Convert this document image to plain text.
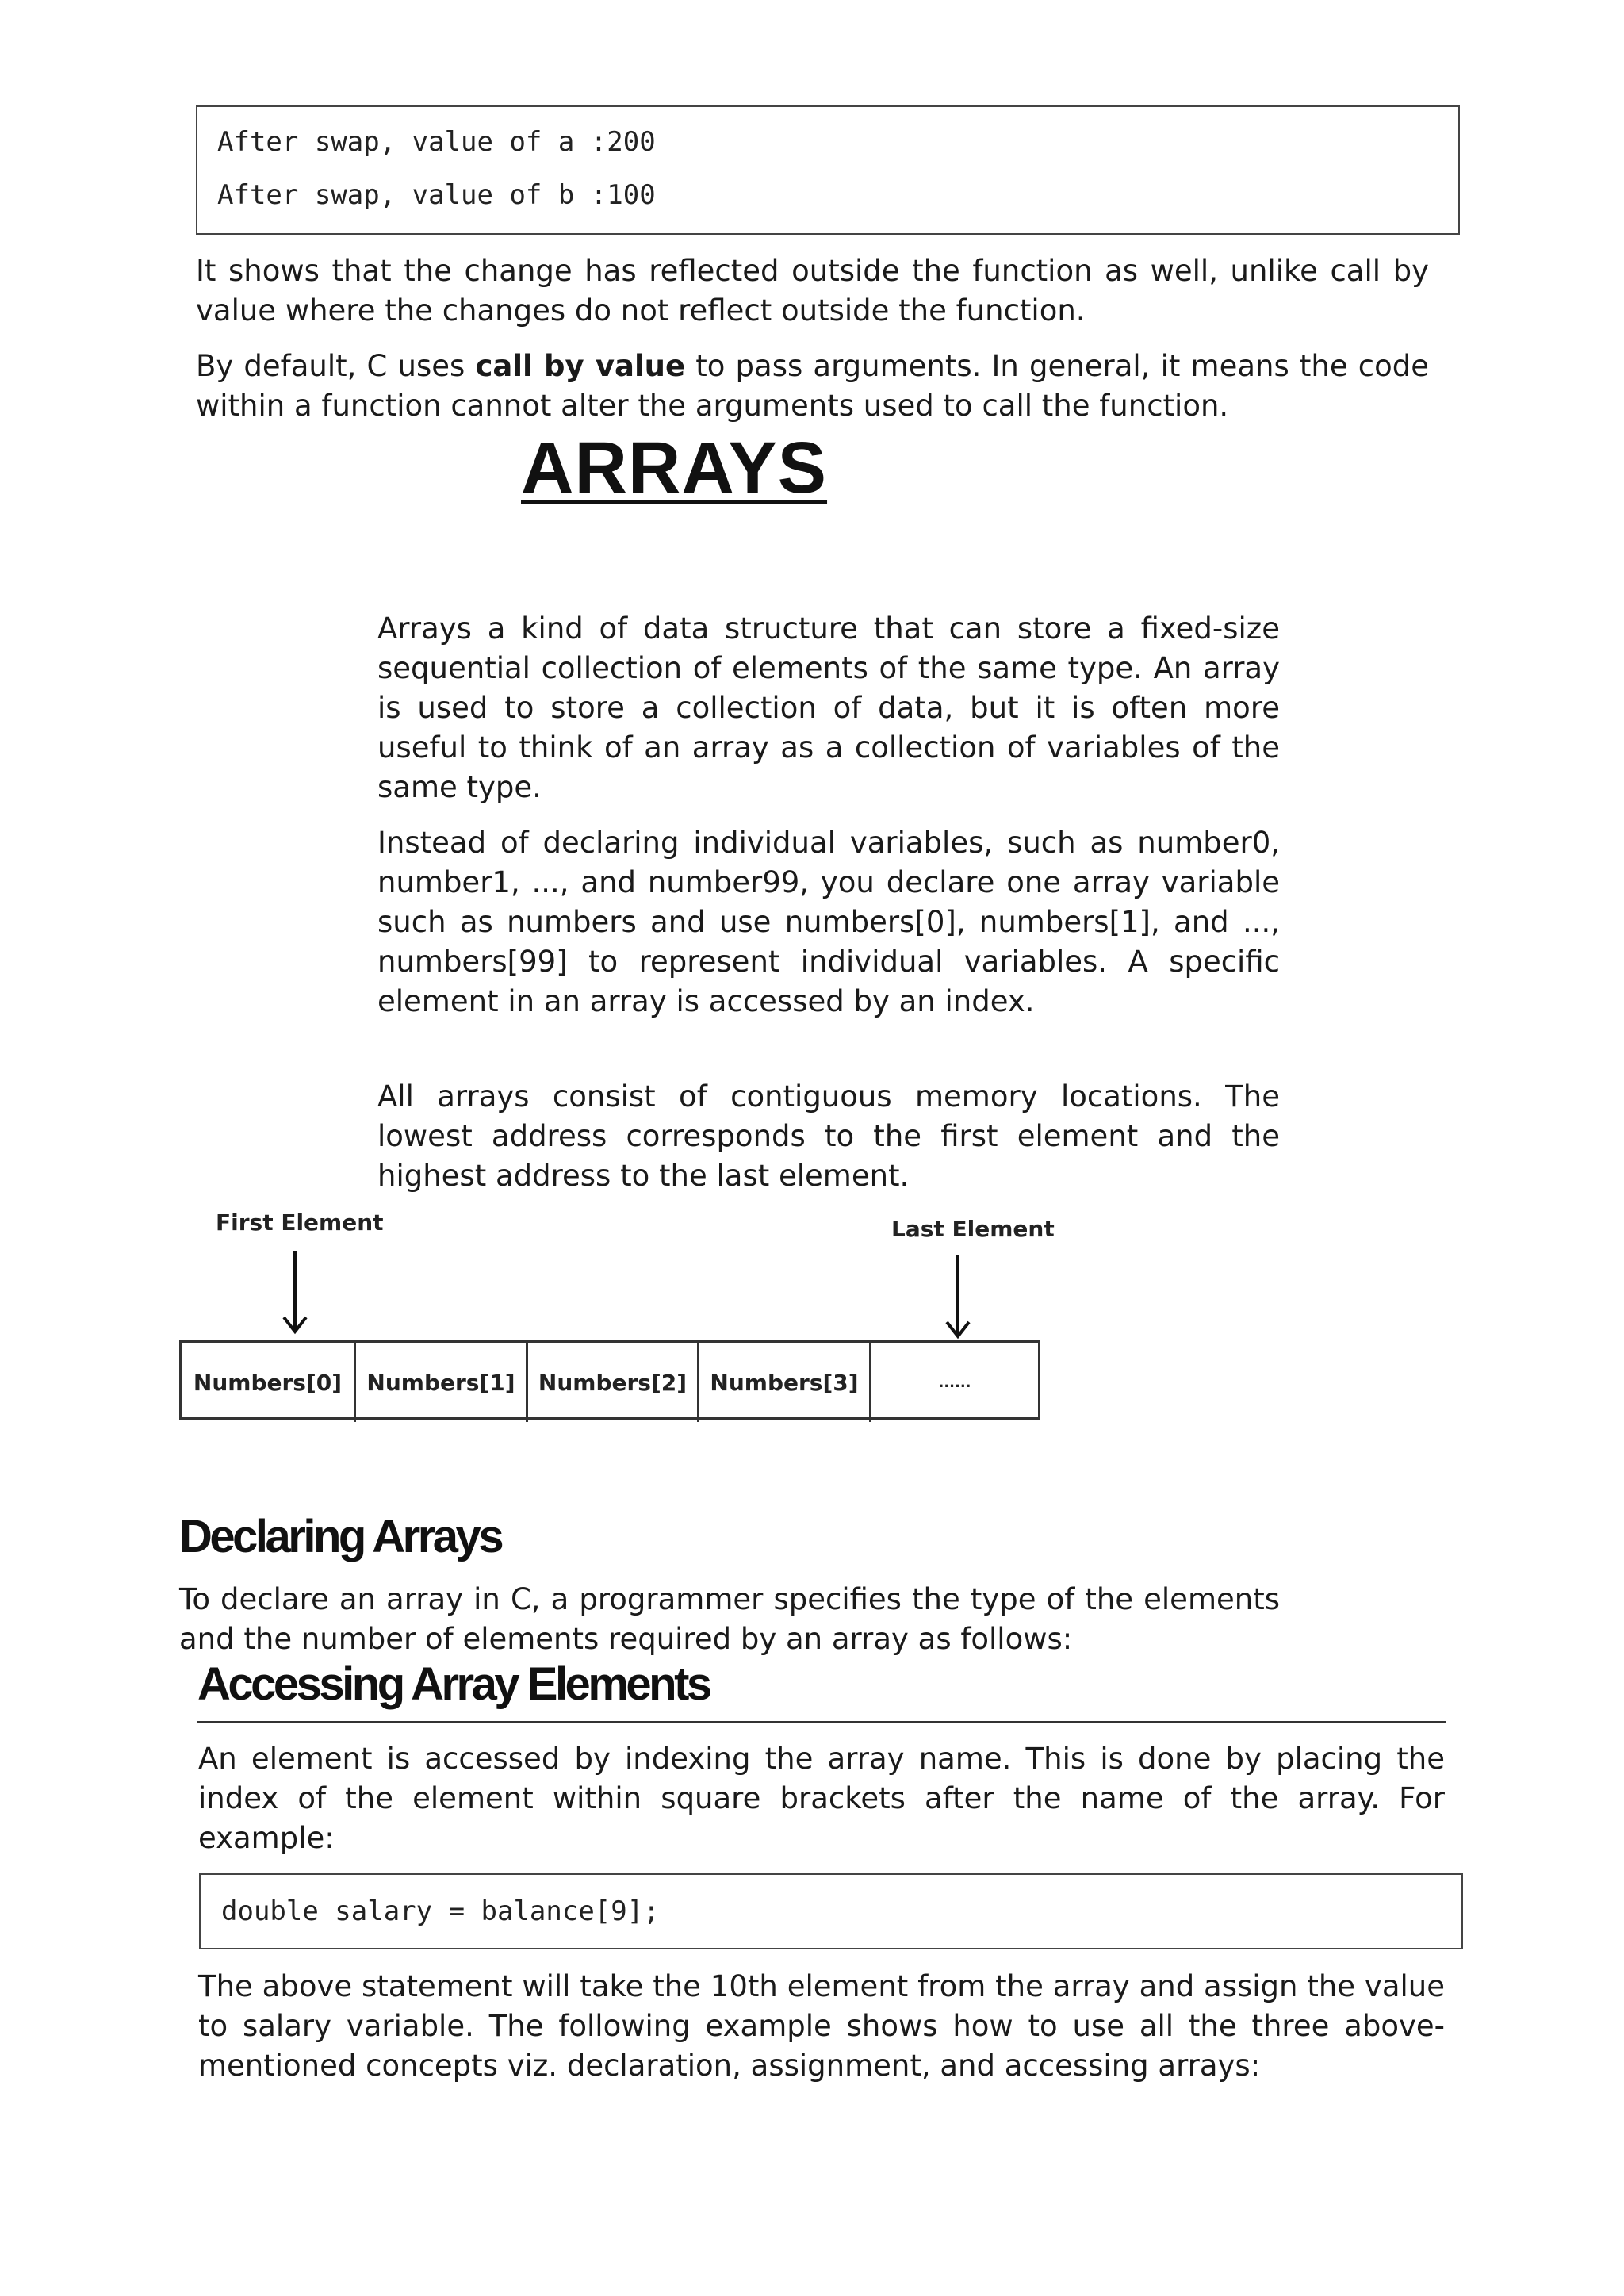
After swap, value of a :200
After swap, value of b :100
It shows that the change has reflected outside the function as well, unlike call by value where the changes do not reflect outside the function.
By default, C uses call by value to pass arguments. In general, it means the code within a function cannot alter the arguments used to call the function.
ARRAYS
Arrays a kind of data structure that can store a fixed-size sequential collection of elements of the same type. An array is used to store a collection of data, but it is often more useful to think of an array as a collection of variables of the same type.
Instead of declaring individual variables, such as number0, number1, ..., and number99, you declare one array variable such as numbers and use numbers[0], numbers[1], and ..., numbers[99] to represent individual variables. A specific element in an array is accessed by an index.
All arrays consist of contiguous memory locations. The lowest address corresponds to the first element and the highest address to the last element.
First Element	Last Element
Numbers[0]	Numbers[1]	Numbers[2]	Numbers[3]	......
Declaring Arrays
To declare an array in C, a programmer specifies the type of the elements and the number of elements required by an array as follows:
Accessing Array Elements
An element is accessed by indexing the array name. This is done by placing the index of the element within square brackets after the name of the array. For example:
double salary = balance[9];
The above statement will take the 10th element from the array and assign the value to salary variable. The following example shows how to use all the three above-mentioned concepts viz. declaration, assignment, and accessing arrays:
